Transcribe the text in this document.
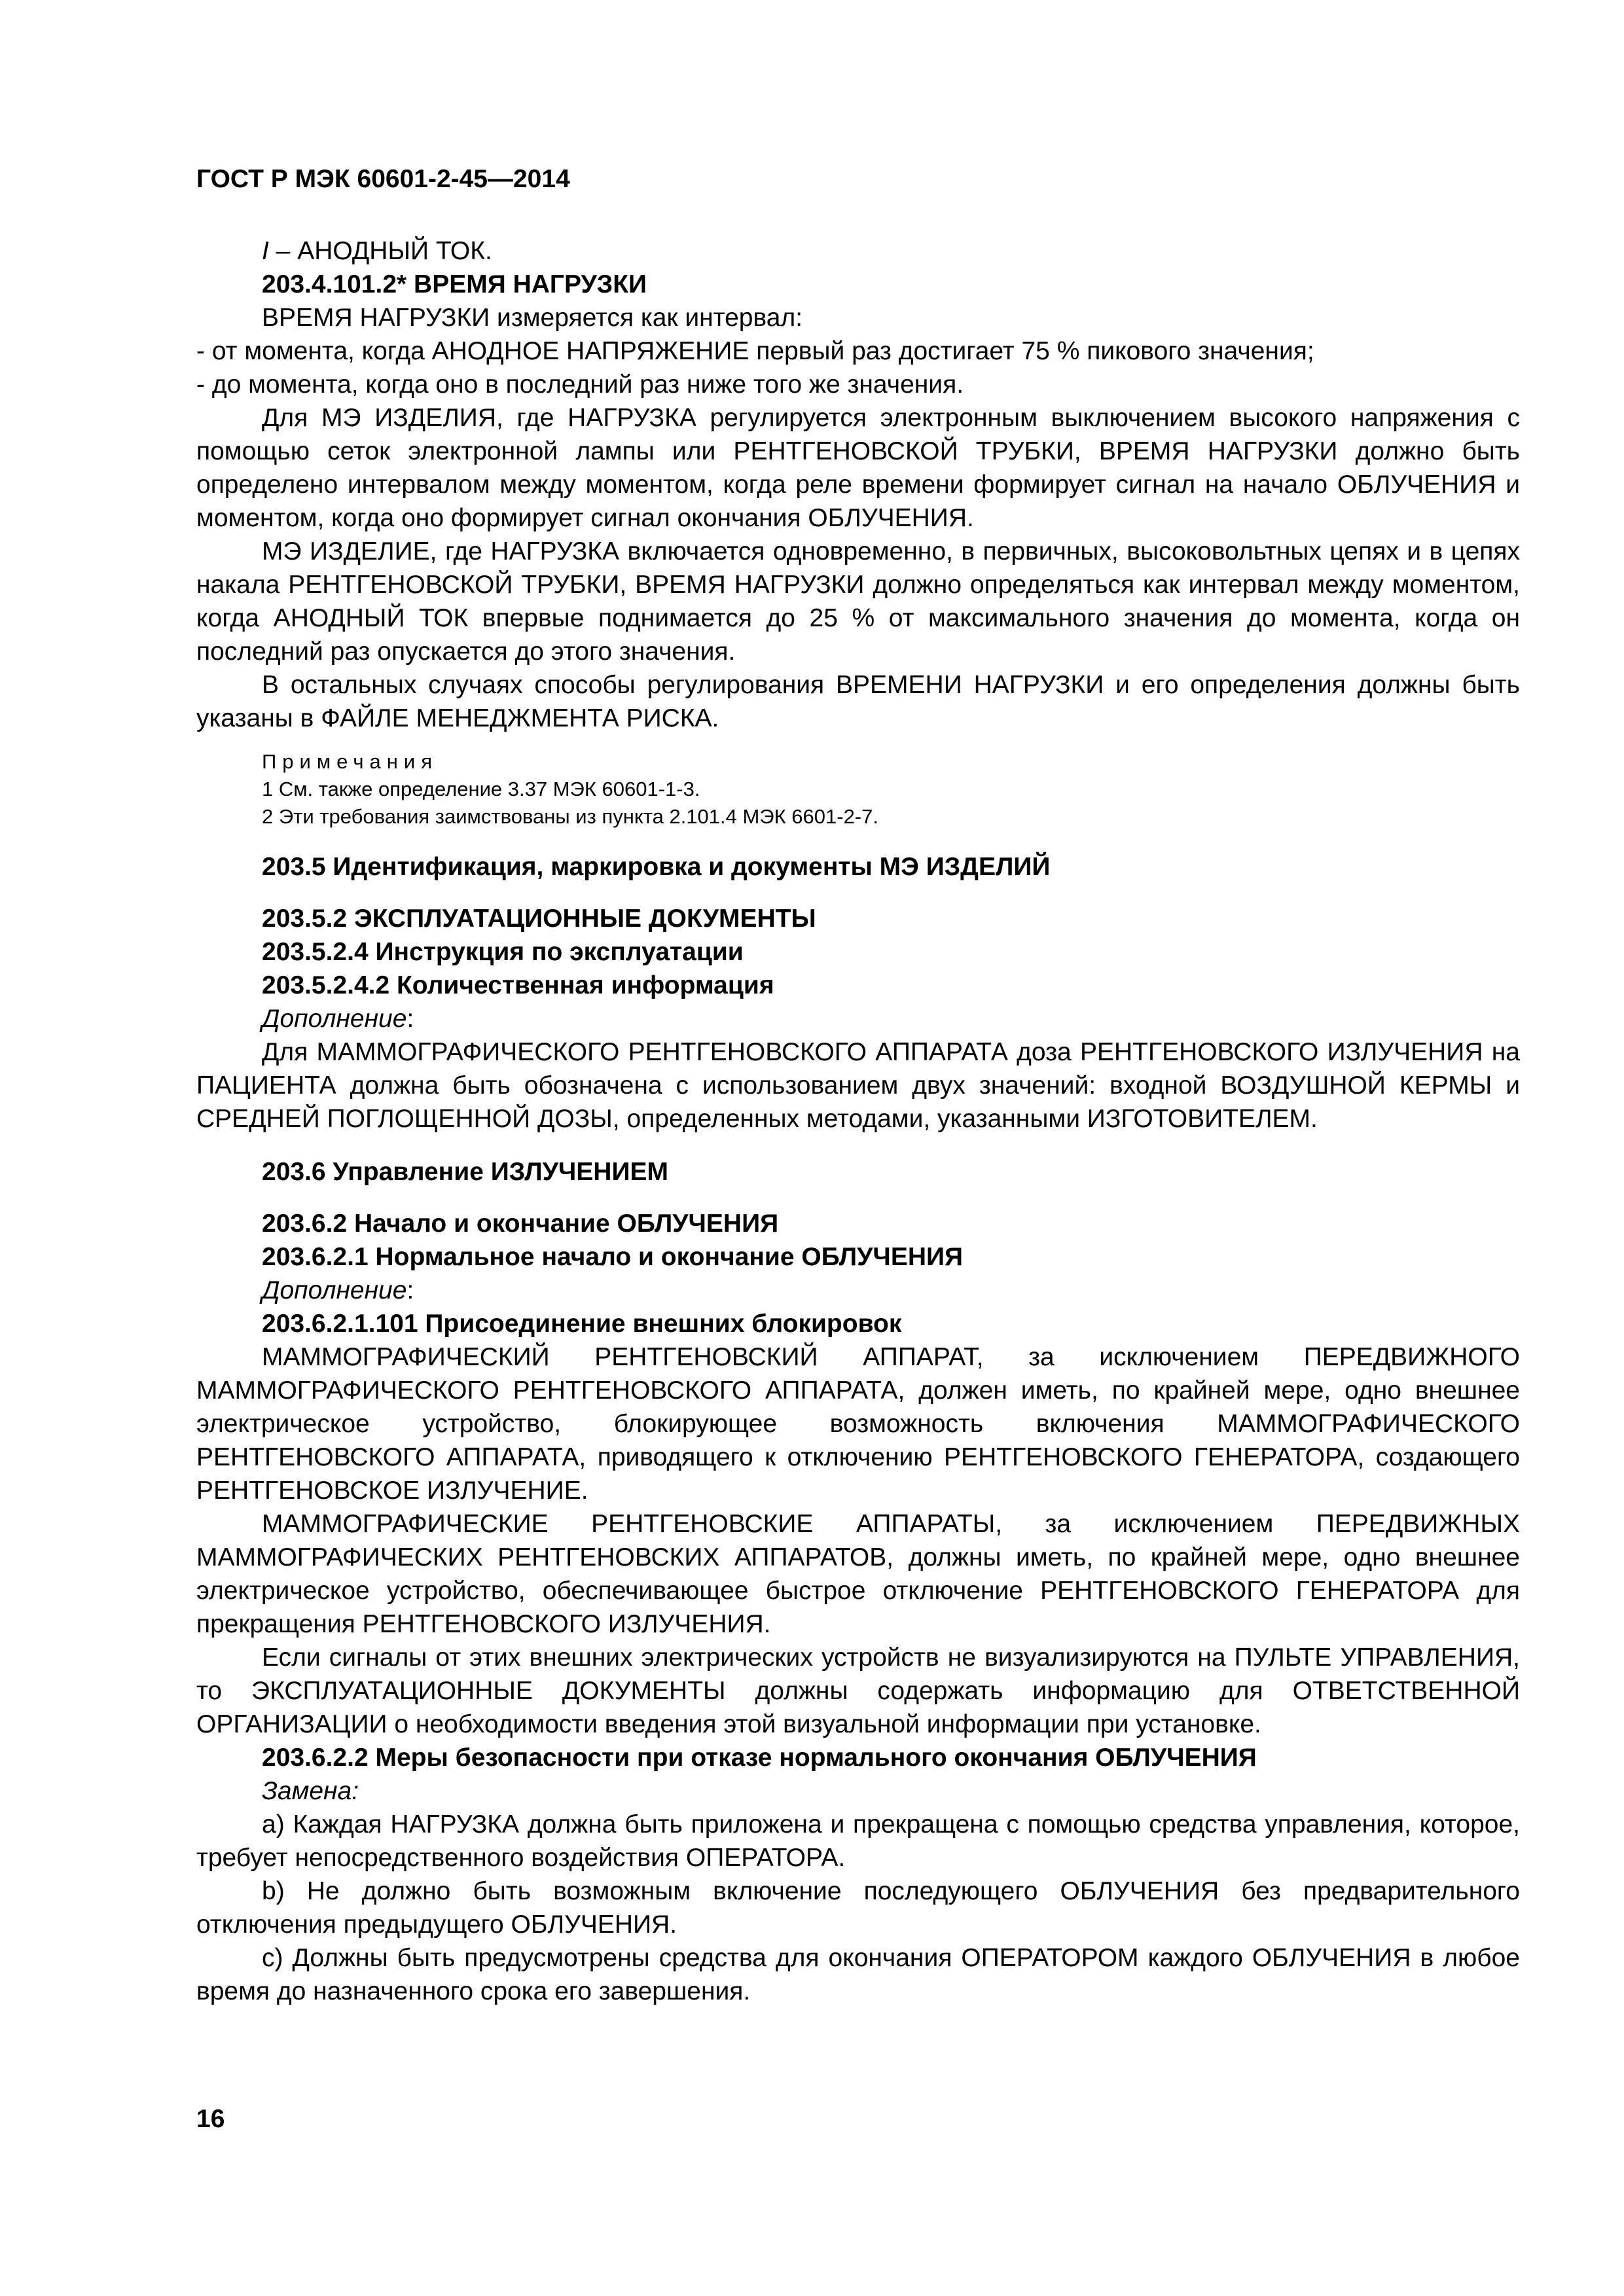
ГОСТ Р МЭК 60601-2-45—2014

I – АНОДНЫЙ ТОК.

203.4.101.2* ВРЕМЯ НАГРУЗКИ

ВРЕМЯ НАГРУЗКИ измеряется как интервал:

- от момента, когда АНОДНОЕ НАПРЯЖЕНИЕ первый раз достигает 75 % пикового значения;

- до момента, когда оно в последний раз ниже того же значения.

Для МЭ ИЗДЕЛИЯ, где НАГРУЗКА регулируется электронным выключением высокого напряжения с помощью сеток электронной лампы или РЕНТГЕНОВСКОЙ ТРУБКИ, ВРЕМЯ НАГРУЗКИ должно быть определено интервалом между моментом, когда реле времени формирует сигнал на начало ОБЛУЧЕНИЯ и моментом, когда оно формирует сигнал окончания ОБЛУЧЕНИЯ.

МЭ ИЗДЕЛИЕ, где НАГРУЗКА включается одновременно, в первичных, высоковольтных цепях и в цепях накала РЕНТГЕНОВСКОЙ ТРУБКИ, ВРЕМЯ НАГРУЗКИ должно определяться как интервал между моментом, когда АНОДНЫЙ ТОК впервые поднимается до 25 % от максимального значения до момента, когда он последний раз опускается до этого значения.

В остальных случаях способы регулирования ВРЕМЕНИ НАГРУЗКИ и его определения должны быть указаны в ФАЙЛЕ МЕНЕДЖМЕНТА РИСКА.

Примечания

1 См. также определение 3.37 МЭК 60601-1-3.

2 Эти требования заимствованы из пункта 2.101.4 МЭК 6601-2-7.

203.5 Идентификация, маркировка и документы МЭ ИЗДЕЛИЙ

203.5.2 ЭКСПЛУАТАЦИОННЫЕ ДОКУМЕНТЫ

203.5.2.4 Инструкция по эксплуатации

203.5.2.4.2 Количественная информация

Дополнение:

Для МАММОГРАФИЧЕСКОГО РЕНТГЕНОВСКОГО АППАРАТА доза РЕНТГЕНОВСКОГО ИЗЛУЧЕНИЯ на ПАЦИЕНТА должна быть обозначена с использованием двух значений: входной ВОЗДУШНОЙ КЕРМЫ и СРЕДНЕЙ ПОГЛОЩЕННОЙ ДОЗЫ, определенных методами, указанными ИЗГОТОВИТЕЛЕМ.

203.6 Управление ИЗЛУЧЕНИЕМ

203.6.2 Начало и окончание ОБЛУЧЕНИЯ

203.6.2.1 Нормальное начало и окончание ОБЛУЧЕНИЯ

Дополнение:

203.6.2.1.101 Присоединение внешних блокировок

МАММОГРАФИЧЕСКИЙ РЕНТГЕНОВСКИЙ АППАРАТ, за исключением ПЕРЕДВИЖНОГО МАММОГРАФИЧЕСКОГО РЕНТГЕНОВСКОГО АППАРАТА, должен иметь, по крайней мере, одно внешнее электрическое устройство, блокирующее возможность включения МАММОГРАФИЧЕСКОГО РЕНТГЕНОВСКОГО АППАРАТА, приводящего к отключению РЕНТГЕНОВСКОГО ГЕНЕРАТОРА, создающего РЕНТГЕНОВСКОЕ ИЗЛУЧЕНИЕ.

МАММОГРАФИЧЕСКИЕ РЕНТГЕНОВСКИЕ АППАРАТЫ, за исключением ПЕРЕДВИЖНЫХ МАММОГРАФИЧЕСКИХ РЕНТГЕНОВСКИХ АППАРАТОВ, должны иметь, по крайней мере, одно внешнее электрическое устройство, обеспечивающее быстрое отключение РЕНТГЕНОВСКОГО ГЕНЕРАТОРА для прекращения РЕНТГЕНОВСКОГО ИЗЛУЧЕНИЯ.

Если сигналы от этих внешних электрических устройств не визуализируются на ПУЛЬТЕ УПРАВЛЕНИЯ, то ЭКСПЛУАТАЦИОННЫЕ ДОКУМЕНТЫ должны содержать информацию для ОТВЕТСТВЕННОЙ ОРГАНИЗАЦИИ о необходимости введения этой визуальной информации при установке.

203.6.2.2 Меры безопасности при отказе нормального окончания ОБЛУЧЕНИЯ

Замена:

а) Каждая НАГРУЗКА должна быть приложена и прекращена с помощью средства управления, которое, требует непосредственного воздействия ОПЕРАТОРА.

b) Не должно быть возможным включение последующего ОБЛУЧЕНИЯ без предварительного отключения предыдущего ОБЛУЧЕНИЯ.

с) Должны быть предусмотрены средства для окончания ОПЕРАТОРОМ каждого ОБЛУЧЕНИЯ в любое время до назначенного срока его завершения.

16
